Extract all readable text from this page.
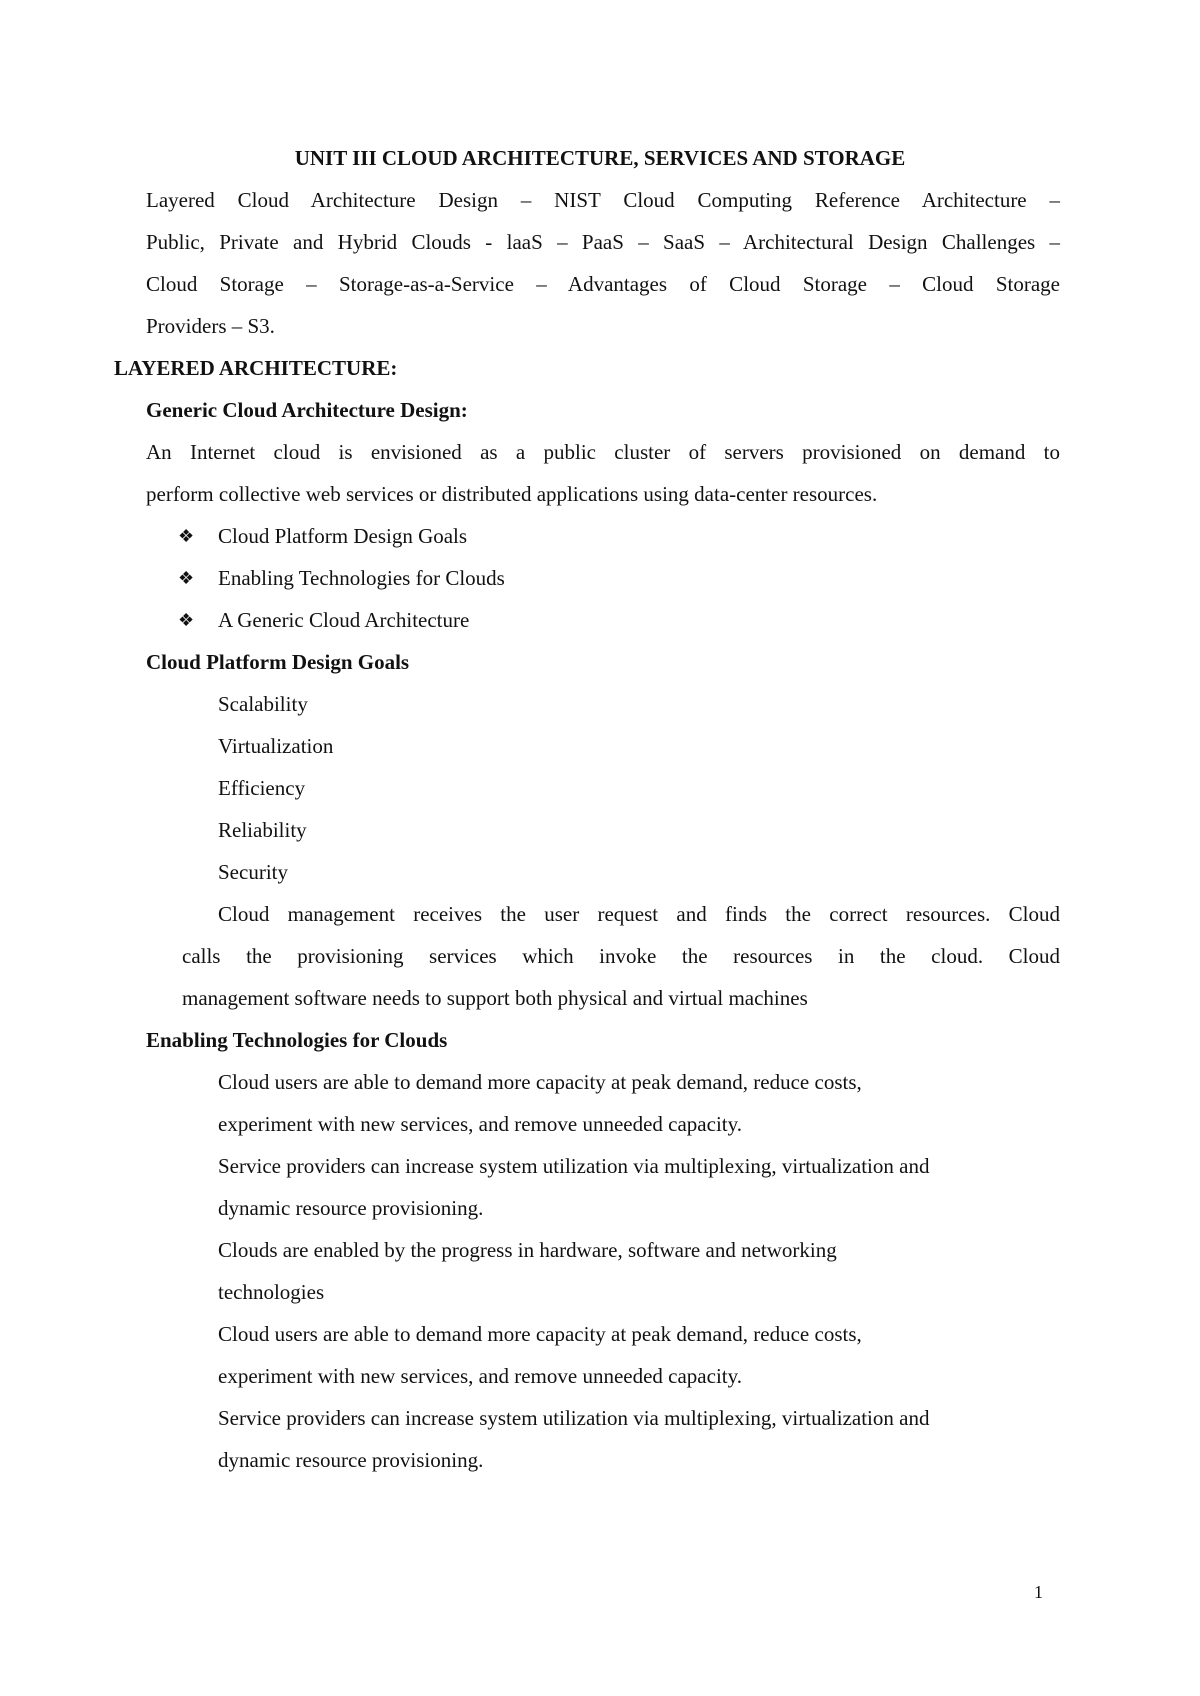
UNIT III CLOUD ARCHITECTURE, SERVICES AND STORAGE
Layered Cloud Architecture Design – NIST Cloud Computing Reference Architecture –
Public, Private and Hybrid Clouds - laaS – PaaS – SaaS – Architectural Design Challenges –
Cloud Storage – Storage-as-a-Service – Advantages of Cloud Storage – Cloud Storage
Providers – S3.
LAYERED ARCHITECTURE:
Generic Cloud Architecture Design:
An Internet cloud is envisioned as a public cluster of servers provisioned on demand to
perform collective web services or distributed applications using data-center resources.
❖ Cloud Platform Design Goals
❖ Enabling Technologies for Clouds
❖ A Generic Cloud Architecture
Cloud Platform Design Goals
Scalability
Virtualization
Efficiency
Reliability
Security
Cloud management receives the user request and finds the correct resources. Cloud
calls the provisioning services which invoke the resources in the cloud. Cloud
management software needs to support both physical and virtual machines
Enabling Technologies for Clouds
Cloud users are able to demand more capacity at peak demand, reduce costs,
experiment with new services, and remove unneeded capacity.
Service providers can increase system utilization via multiplexing, virtualization and
dynamic resource provisioning.
Clouds are enabled by the progress in hardware, software and networking
technologies
Cloud users are able to demand more capacity at peak demand, reduce costs,
experiment with new services, and remove unneeded capacity.
Service providers can increase system utilization via multiplexing, virtualization and
dynamic resource provisioning.
1
